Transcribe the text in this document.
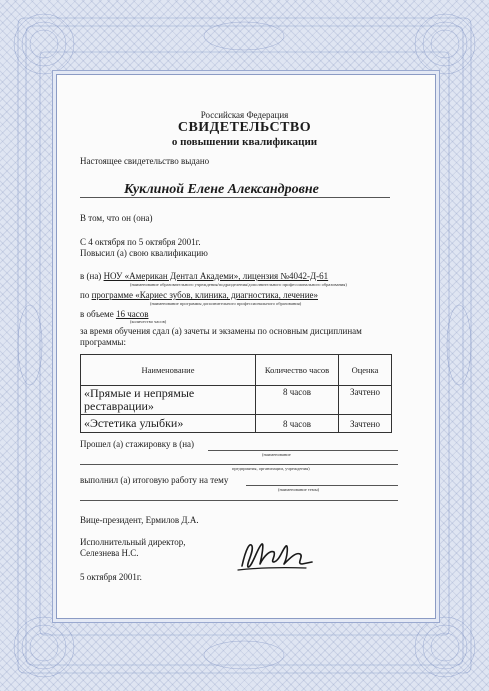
Российская Федерация
СВИДЕТЕЛЬСТВО
о повышении квалификации
Настоящее свидетельство выдано
Куклиной Елене Александровне
В том, что он (она)
С 4 октября по 5 октября 2001г.
Повысил (а) свою квалификацию
в (на) НОУ «Американ Дентал Академи», лицензия №4042-Д-61
(наименование образовательного учреждения/подразделения/дополнительного профессионального образования)
по программе «Кариес зубов, клиника, диагностика, лечение»
(наименование программы дополнительного профессионального образования)
в объеме 16 часов
(количество часов)
за время обучения сдал (а) зачеты и экзамены по основным дисциплинам программы:
Наименование	Количество часов	Оценка
«Прямые и непрямые реставрации»	8 часов	Зачтено
«Эстетика улыбки»	8 часов	Зачтено
Прошел (а) стажировку в (на)
(наименование
предприятия, организации, учреждения)
выполнил (а) итоговую работу на тему
(наименование темы)
Вице-президент, Ермилов Д.А.
Исполнительный директор,
Селезнева Н.С.
5 октября 2001г.
